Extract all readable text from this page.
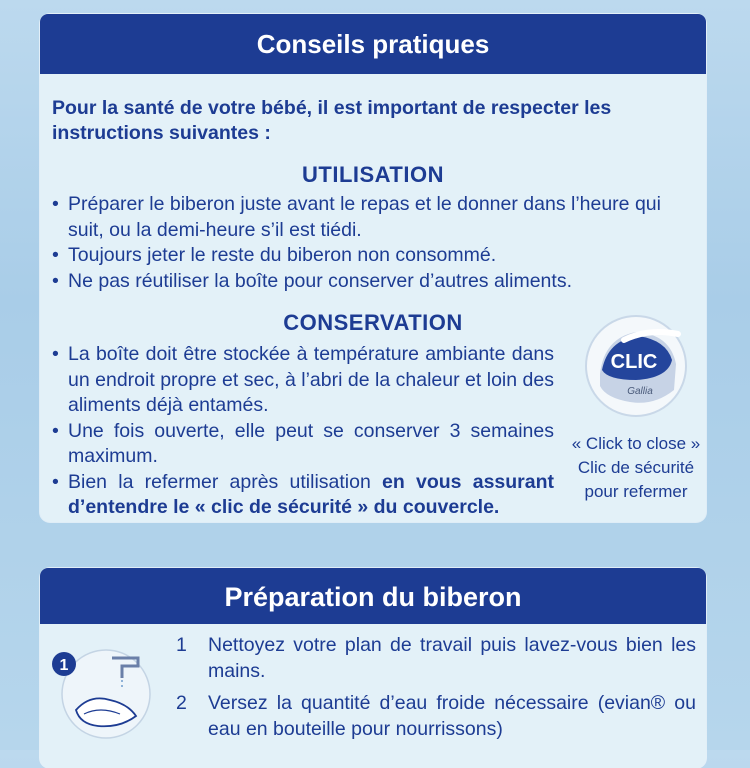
Conseils pratiques
Pour la santé de votre bébé, il est important de respecter les instructions suivantes :
UTILISATION
• Préparer le biberon juste avant le repas et le donner dans l’heure qui suit, ou la demi-heure s’il est tiédi.
• Toujours jeter le reste du biberon non consommé.
• Ne pas réutiliser la boîte pour conserver d’autres aliments.
CONSERVATION
• La boîte doit être stockée à température ambiante dans un endroit propre et sec, à l’abri de la chaleur et loin des aliments déjà entamés.
• Une fois ouverte, elle peut se conserver 3 semaines maximum.
• Bien la refermer après utilisation en vous assurant d’entendre le « clic de sécurité » du couvercle.
CLIC
Gallia
« Click to close »
Clic de sécurité
pour refermer
Préparation du biberon
1
1	Nettoyez votre plan de travail puis lavez-vous bien les mains.
2	Versez la quantité d’eau froide nécessaire (evian® ou eau en bouteille pour nourrissons)
